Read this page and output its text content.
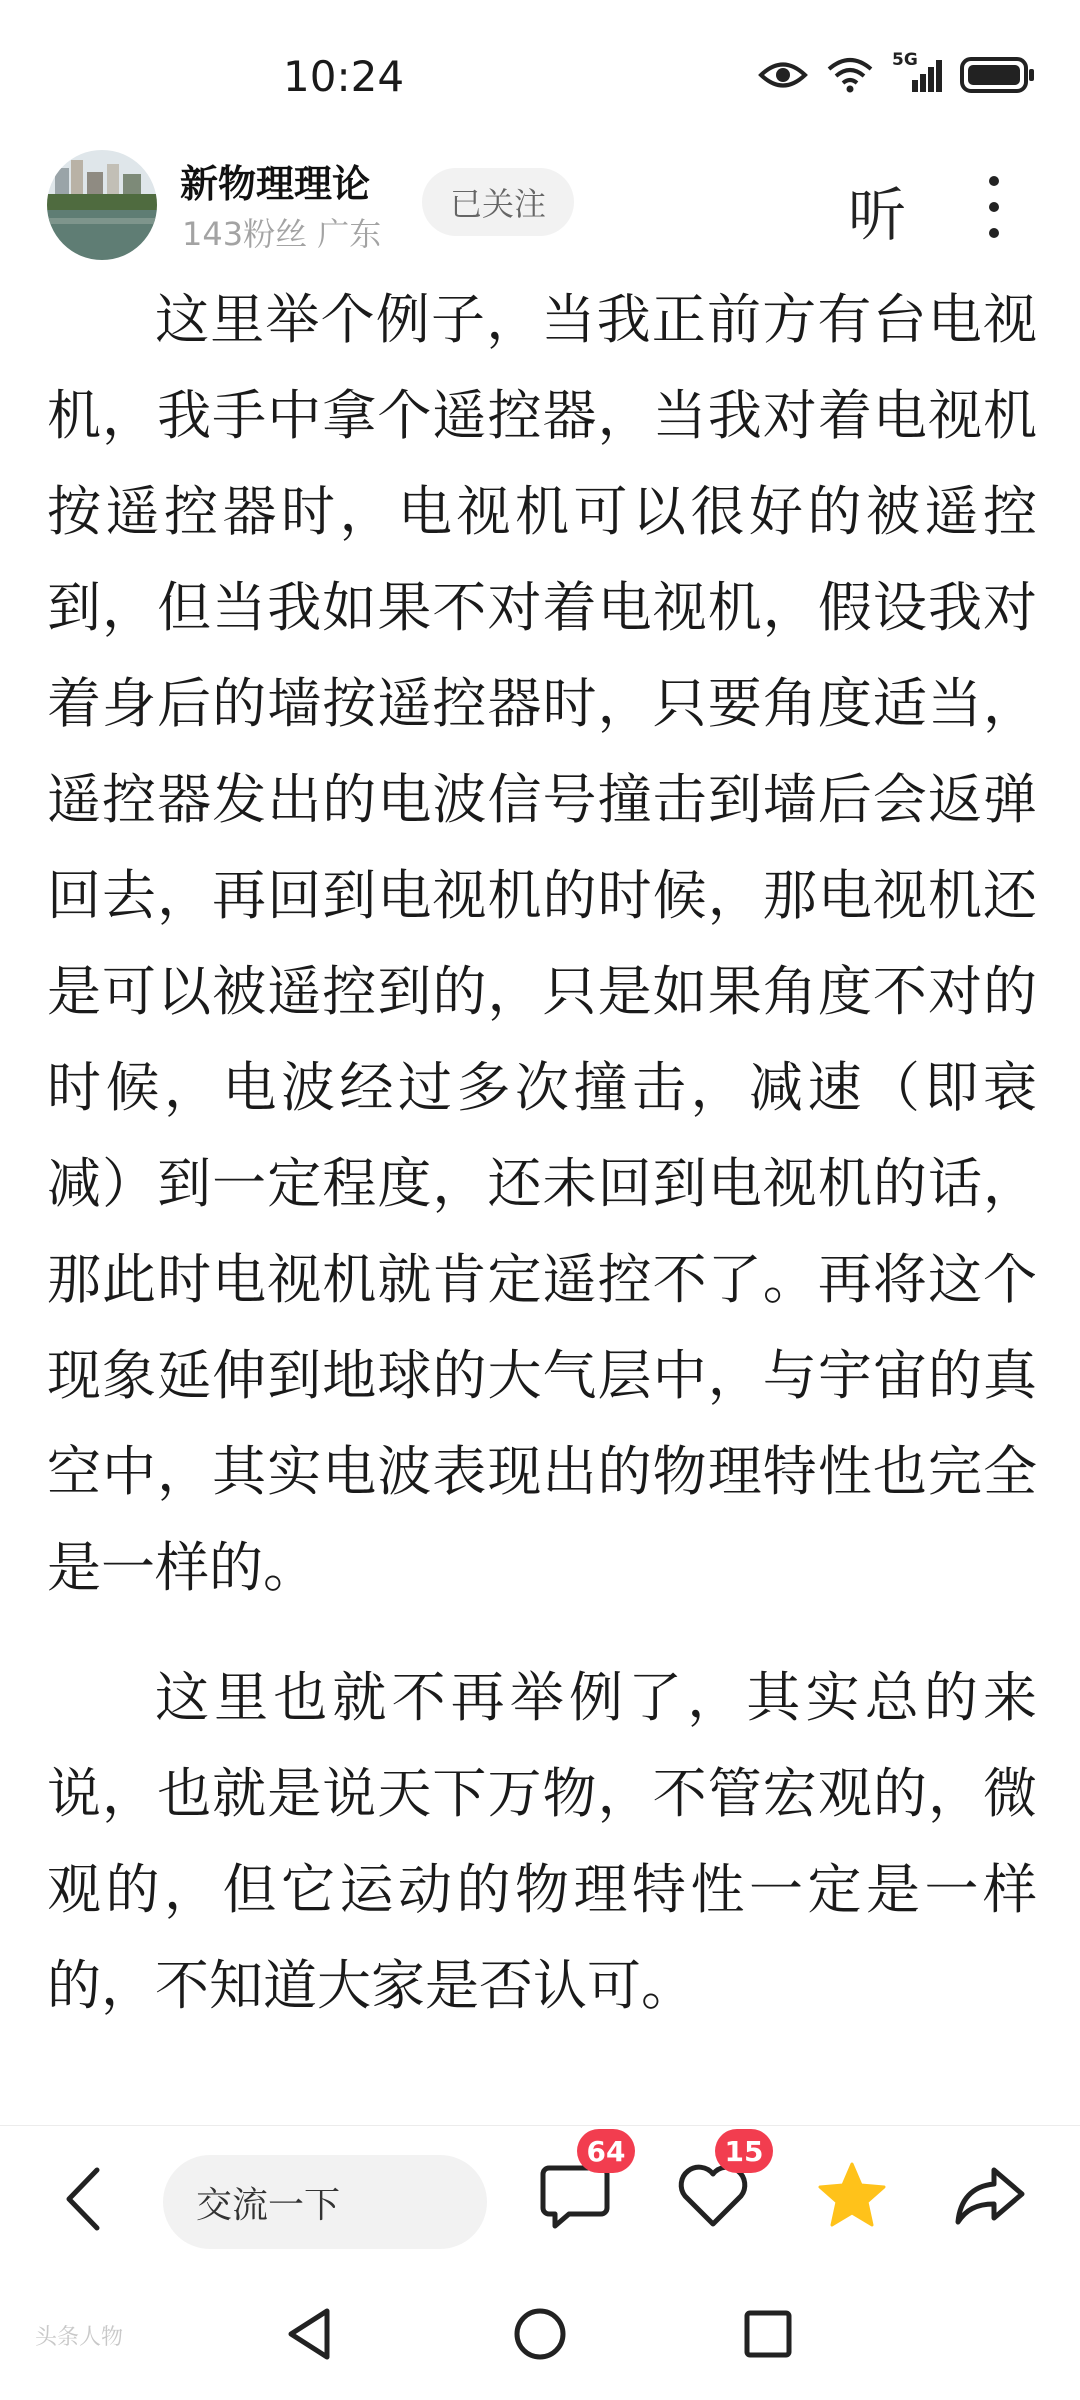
10:24	5G
新物理理论
143粉丝 广东
已关注	听

这里举个例子，当我正前方有台电视机，我手中拿个遥控器，当我对着电视机按遥控器时，电视机可以很好的被遥控到，但当我如果不对着电视机，假设我对着身后的墙按遥控器时，只要角度适当，遥控器发出的电波信号撞击到墙后会返弹回去，再回到电视机的时候，那电视机还是可以被遥控到的，只是如果角度不对的时候，电波经过多次撞击，减速（即衰减）到一定程度，还未回到电视机的话，那此时电视机就肯定遥控不了。再将这个现象延伸到地球的大气层中，与宇宙的真空中，其实电波表现出的物理特性也完全是一样的。

这里也就不再举例了，其实总的来说，也就是说天下万物，不管宏观的，微观的，但它运动的物理特性一定是一样的，不知道大家是否认可。

交流一下
64	15
头条人物
